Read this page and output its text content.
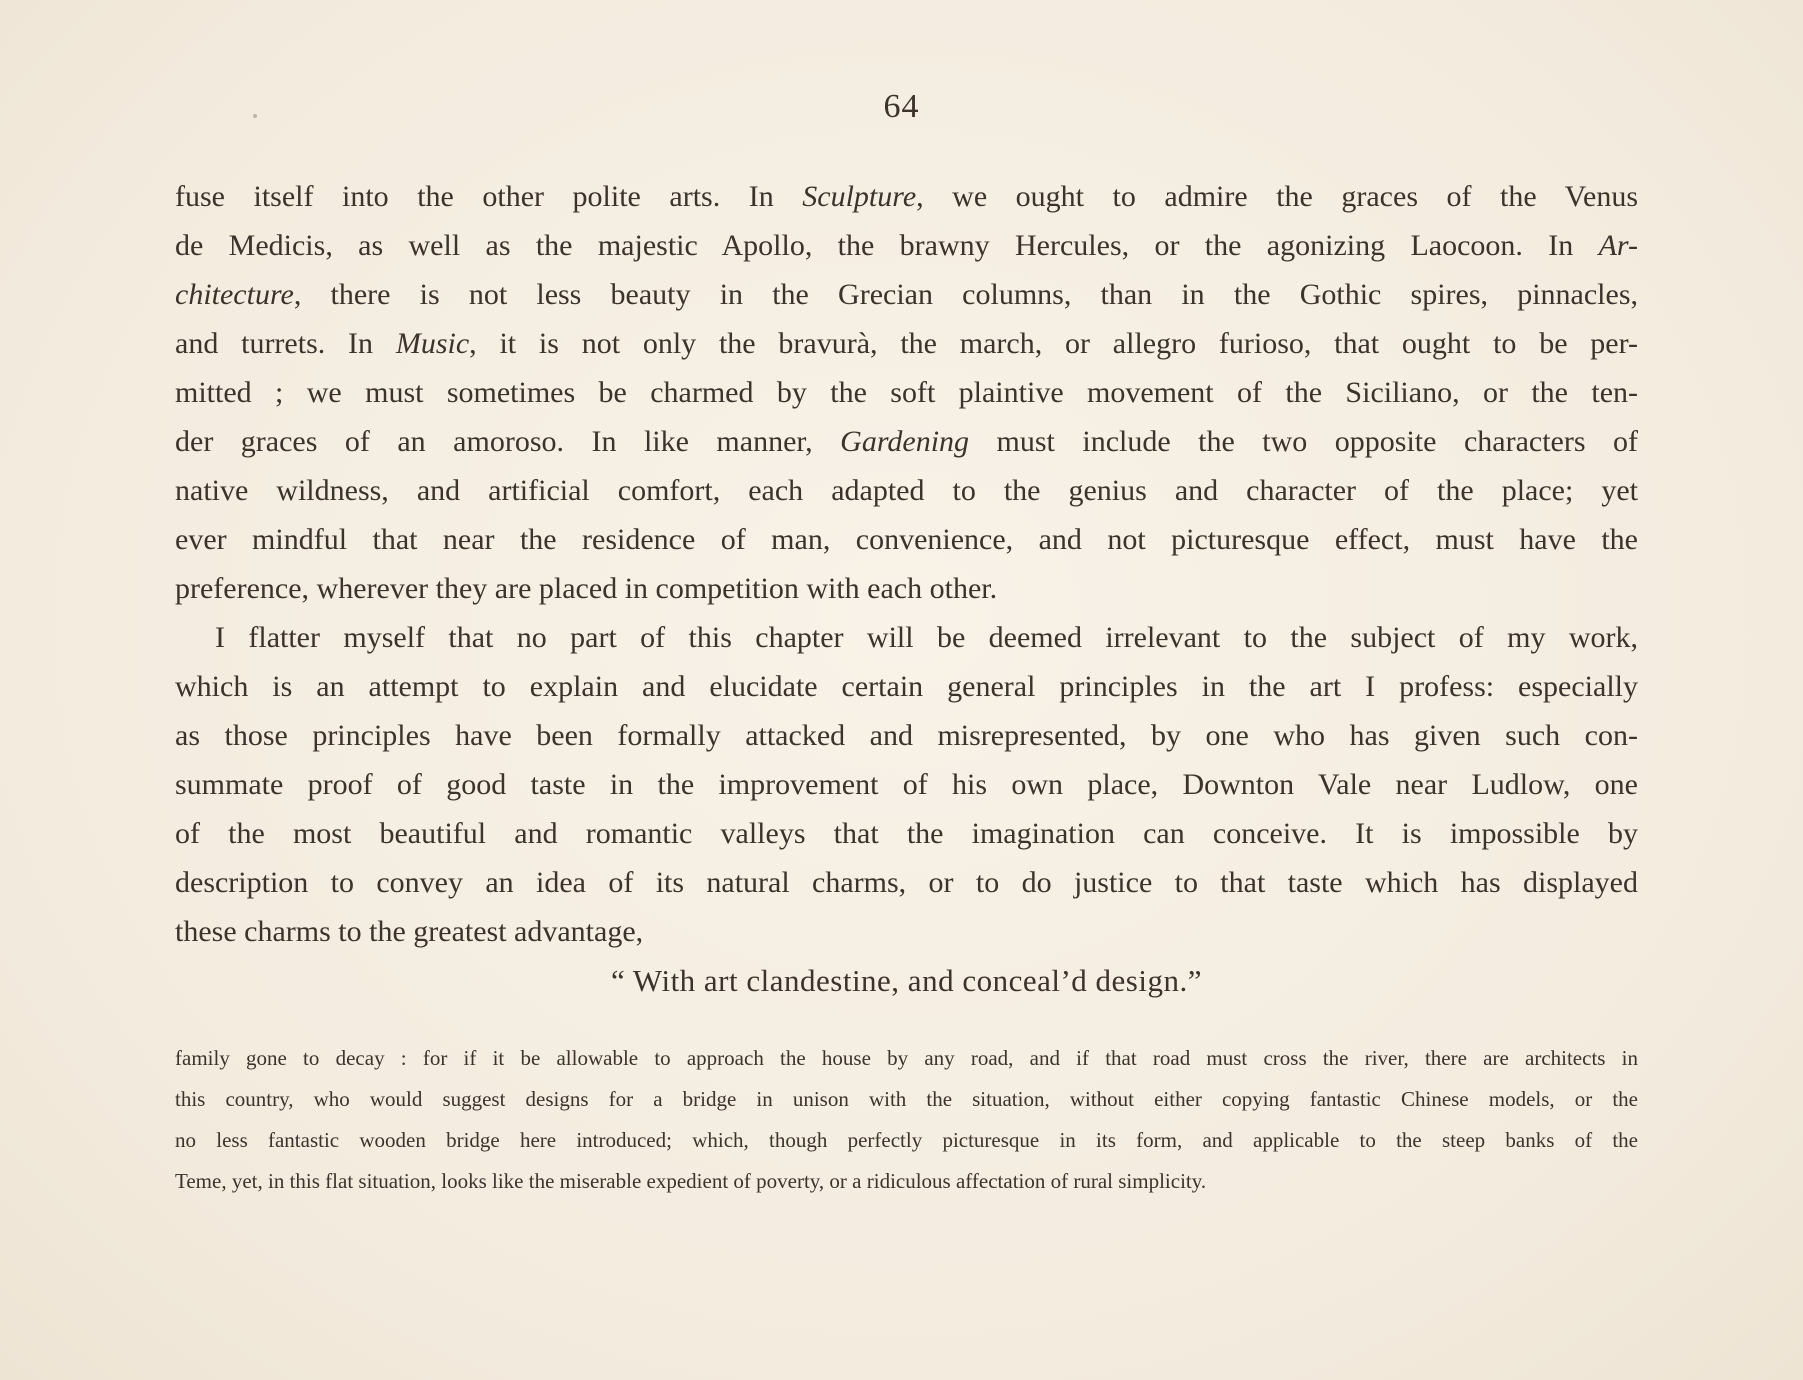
64

fuse itself into the other polite arts. In Sculpture, we ought to admire the graces of the Venus
de Medicis, as well as the majestic Apollo, the brawny Hercules, or the agonizing Laocoon. In Ar-
chitecture, there is not less beauty in the Grecian columns, than in the Gothic spires, pinnacles,
and turrets. In Music, it is not only the bravurà, the march, or allegro furioso, that ought to be per-
mitted ; we must sometimes be charmed by the soft plaintive movement of the Siciliano, or the ten-
der graces of an amoroso. In like manner, Gardening must include the two opposite characters of
native wildness, and artificial comfort, each adapted to the genius and character of the place; yet
ever mindful that near the residence of man, convenience, and not picturesque effect, must have the
preference, wherever they are placed in competition with each other.

I flatter myself that no part of this chapter will be deemed irrelevant to the subject of my work,
which is an attempt to explain and elucidate certain general principles in the art I profess: especially
as those principles have been formally attacked and misrepresented, by one who has given such con-
summate proof of good taste in the improvement of his own place, Downton Vale near Ludlow, one
of the most beautiful and romantic valleys that the imagination can conceive. It is impossible by
description to convey an idea of its natural charms, or to do justice to that taste which has displayed
these charms to the greatest advantage,

“ With art clandestine, and conceal’d design.”

family gone to decay : for if it be allowable to approach the house by any road, and if that road must cross the river, there are architects in
this country, who would suggest designs for a bridge in unison with the situation, without either copying fantastic Chinese models, or the
no less fantastic wooden bridge here introduced; which, though perfectly picturesque in its form, and applicable to the steep banks of the
Teme, yet, in this flat situation, looks like the miserable expedient of poverty, or a ridiculous affectation of rural simplicity.
